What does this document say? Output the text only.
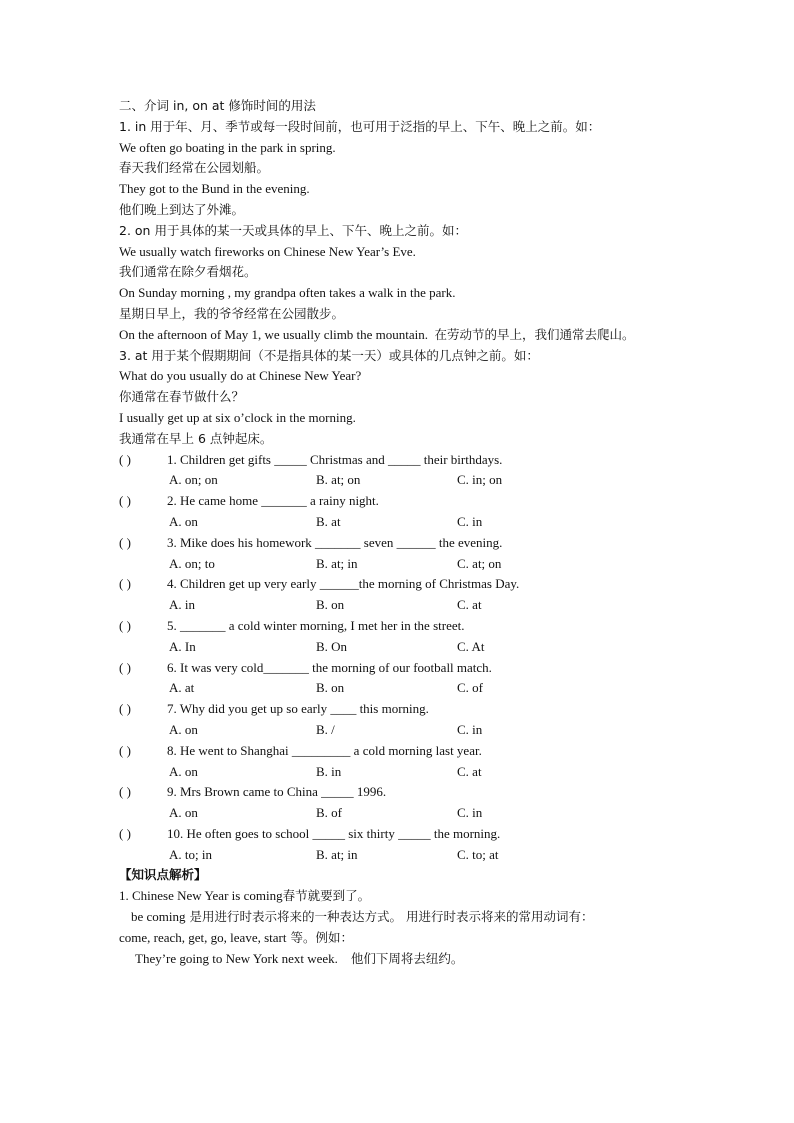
二、介词 in, on at 修饰时间的用法
1. in 用于年、月、季节或每一段时间前，也可用于泛指的早上、下午、晚上之前。如：
We often go boating in the park in spring.
春天我们经常在公园划船。
They got to the Bund in the evening.
他们晚上到达了外滩。
2. on 用于具体的某一天或具体的早上、下午、晚上之前。如：
We usually watch fireworks on Chinese New Year’s Eve.
我们通常在除夕看烟花。
On Sunday morning , my grandpa often takes a walk in the park.
星期日早上，我的爷爷经常在公园散步。
On the afternoon of May 1, we usually climb the mountain. 在劳动节的早上，我们通常去爬山。
3. at 用于某个假期期间（不是指具体的某一天）或具体的几点钟之前。如：
What do you usually do at Chinese New Year?
你通常在春节做什么？
I usually get up at six o’clock in the morning.
我通常在早上 6 点钟起床。
( )	1. Children get gifts _____ Christmas and _____ their birthdays.
A. on; on	B. at; on	C. in; on
( )	2. He came home _______ a rainy night.
A. on	B. at	C. in
( )	3. Mike does his homework _______ seven ______ the evening.
A. on; to	B. at; in	C. at; on
( )	4. Children get up very early ______the morning of Christmas Day.
A. in	B. on	C. at
( )	5. _______ a cold winter morning, I met her in the street.
A. In	B. On	C. At
( )	6. It was very cold_______ the morning of our football match.
A. at	B. on	C. of
( )	7. Why did you get up so early ____ this morning.
A. on	B. /	C. in
( )	8. He went to Shanghai _________ a cold morning last year.
A. on	B. in	C. at
( )	9. Mrs Brown came to China _____ 1996.
A. on	B. of	C. in
( )	10. He often goes to school _____ six thirty _____ the morning.
A. to; in	B. at; in	C. to; at
【知识点解析】
1. Chinese New Year is coming春节就要到了。
be coming 是用进行时表示将来的一种表达方式。 用进行时表示将来的常用动词有：
come, reach, get, go, leave, start 等。例如：
They’re going to New York next week. 他们下周将去纽约。
